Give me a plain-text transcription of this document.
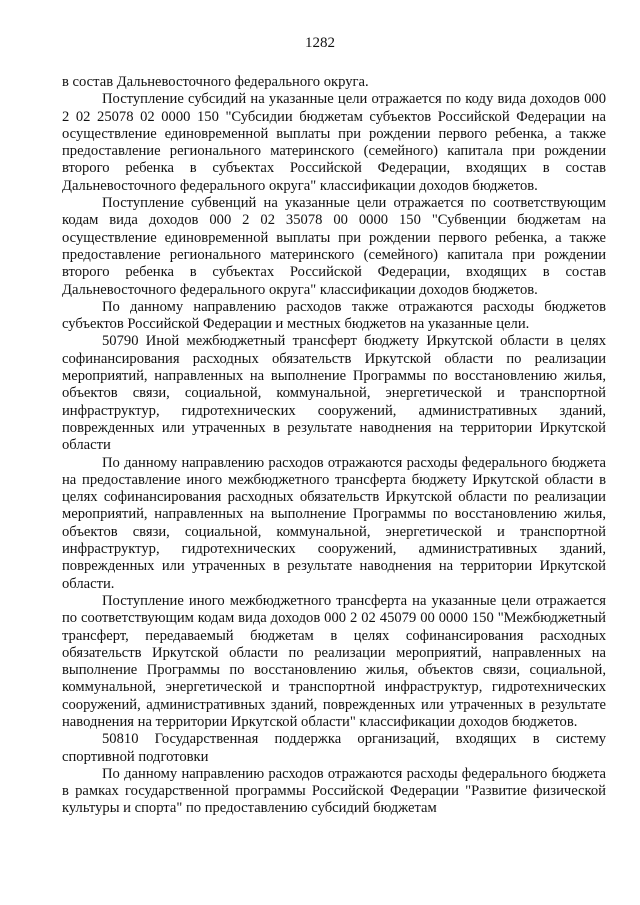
1282

в состав Дальневосточного федерального округа.

Поступление субсидий на указанные цели отражается по коду вида доходов 000 2 02 25078 02 0000 150 "Субсидии бюджетам субъектов Российской Федерации на осуществление единовременной выплаты при рождении первого ребенка, а также предоставление регионального материнского (семейного) капитала при рождении второго ребенка в субъектах Российской Федерации, входящих в состав Дальневосточного федерального округа" классификации доходов бюджетов.

Поступление субвенций на указанные цели отражается по соответствующим кодам вида доходов 000 2 02 35078 00 0000 150 "Субвенции бюджетам на осуществление единовременной выплаты при рождении первого ребенка, а также предоставление регионального материнского (семейного) капитала при рождении второго ребенка в субъектах Российской Федерации, входящих в состав Дальневосточного федерального округа" классификации доходов бюджетов.

По данному направлению расходов также отражаются расходы бюджетов субъектов Российской Федерации и местных бюджетов на указанные цели.

50790 Иной межбюджетный трансферт бюджету Иркутской области в целях софинансирования расходных обязательств Иркутской области по реализации мероприятий, направленных на выполнение Программы по восстановлению жилья, объектов связи, социальной, коммунальной, энергетической и транспортной инфраструктур, гидротехнических сооружений, административных зданий, поврежденных или утраченных в результате наводнения на территории Иркутской области

По данному направлению расходов отражаются расходы федерального бюджета на предоставление иного межбюджетного трансферта бюджету Иркутской области в целях софинансирования расходных обязательств Иркутской области по реализации мероприятий, направленных на выполнение Программы по восстановлению жилья, объектов связи, социальной, коммунальной, энергетической и транспортной инфраструктур, гидротехнических сооружений, административных зданий, поврежденных или утраченных в результате наводнения на территории Иркутской области.

Поступление иного межбюджетного трансферта на указанные цели отражается по соответствующим кодам вида доходов 000 2 02 45079 00 0000 150 "Межбюджетный трансферт, передаваемый бюджетам в целях софинансирования расходных обязательств Иркутской области по реализации мероприятий, направленных на выполнение Программы по восстановлению жилья, объектов связи, социальной, коммунальной, энергетической и транспортной инфраструктур, гидротехнических сооружений, административных зданий, поврежденных или утраченных в результате наводнения на территории Иркутской области" классификации доходов бюджетов.

50810 Государственная поддержка организаций, входящих в систему спортивной подготовки

По данному направлению расходов отражаются расходы федерального бюджета в рамках государственной программы Российской Федерации "Развитие физической культуры и спорта" по предоставлению субсидий бюджетам
